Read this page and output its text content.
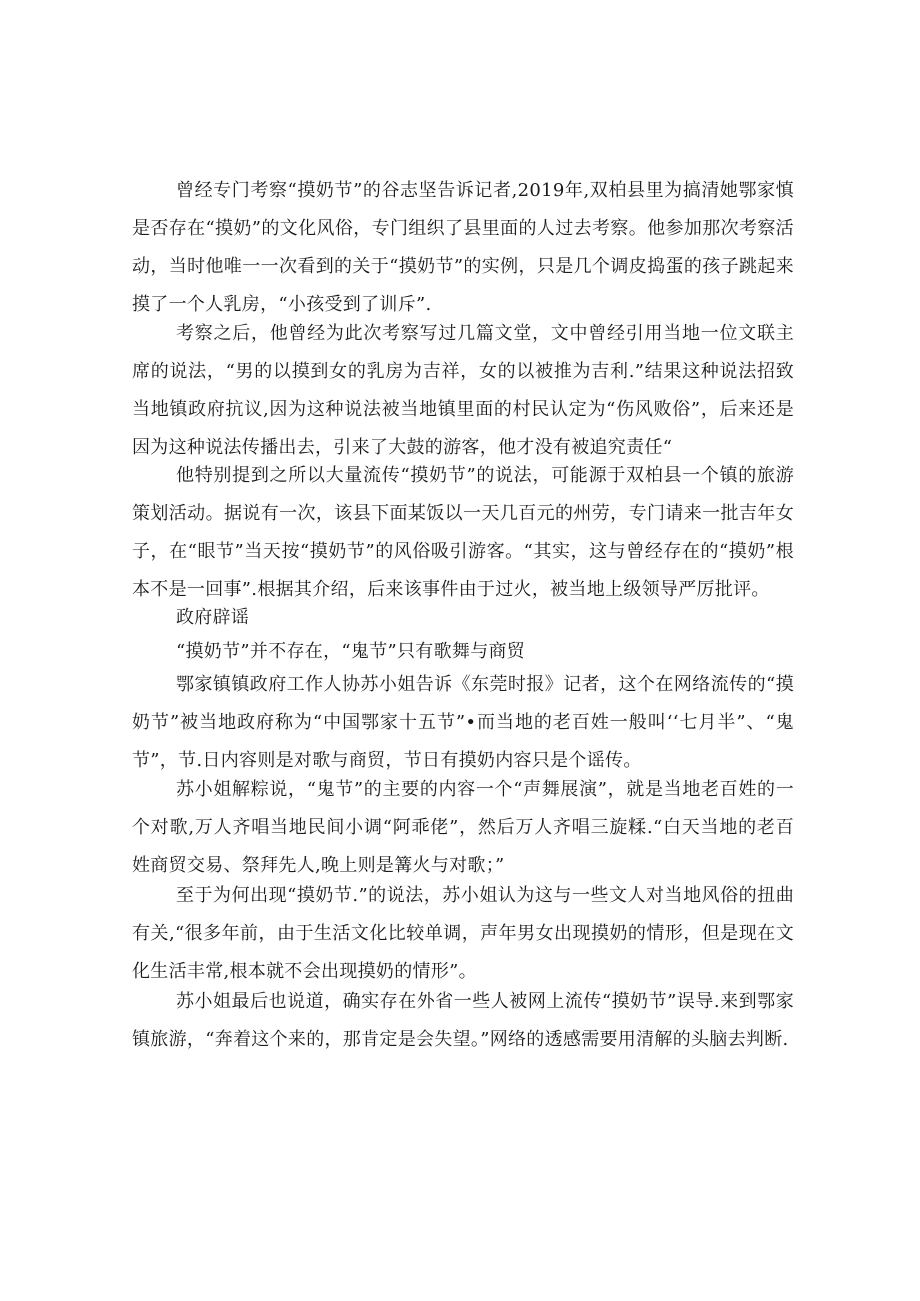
曾经专门考察“摸奶节”的谷志坚告诉记者,2019年,双柏县里为搞清她鄂家慎是否存在“摸奶”的文化风俗，专门组织了县里面的人过去考察。他参加那次考察活动，当时他唯一一次看到的关于“摸奶节”的实例，只是几个调皮捣蛋的孩子跳起来摸了一个人乳房，“小孩受到了训斥”.

考察之后，他曾经为此次考察写过几篇文堂，文中曾经引用当地一位文联主席的说法，“男的以摸到女的乳房为吉祥，女的以被推为吉利.”结果这种说法招致当地镇政府抗议,因为这种说法被当地镇里面的村民认定为“伤风败俗”，后来还是因为这种说法传播出去，引来了大鼓的游客，他才没有被追究责任“

他特别提到之所以大量流传“摸奶节”的说法，可能源于双柏县一个镇的旅游策划活动。据说有一次，该县下面某饭以一天几百元的州劳，专门请来一批吉年女子，在“眼节”当天按“摸奶节”的风俗吸引游客。“其实，这与曾经存在的“摸奶”根本不是一回事”.根据其介绍，后来该事件由于过火，被当地上级领导严厉批评。

政府辟谣

“摸奶节”并不存在，“鬼节”只有歌舞与商贸

鄂家镇镇政府工作人协苏小姐告诉《东莞时报》记者，这个在网络流传的“摸奶节”被当地政府称为“中国鄂家十五节”•而当地的老百姓一般叫‘‘七月半”、“鬼节”，节.日内容则是对歌与商贸，节日有摸奶内容只是个谣传。

苏小姐解粽说，“鬼节”的主要的内容一个“声舞展演”，就是当地老百姓的一个对歌,万人齐唱当地民间小调“阿乖佬”，然后万人齐唱三旋糅.“白天当地的老百姓商贸交易、祭拜先人,晚上则是篝火与对歌；”

至于为何出现“摸奶节.”的说法，苏小姐认为这与一些文人对当地风俗的扭曲有关,“很多年前，由于生活文化比较单调，声年男女出现摸奶的情形，但是现在文化生活丰常,根本就不会出现摸奶的情形”。

苏小姐最后也说道，确实存在外省一些人被网上流传“摸奶节”误导.来到鄂家镇旅游，“奔着这个来的，那肯定是会失望。”网络的透感需要用清解的头脑去判断.
